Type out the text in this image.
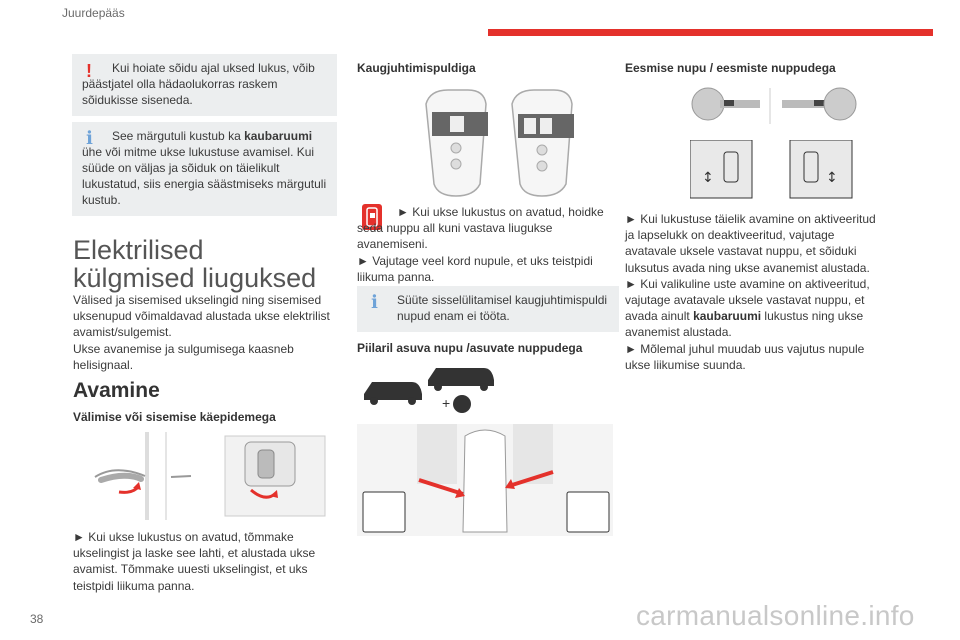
Juurdepääs
!	Kui hoiate sõidu ajal uksed lukus, võib
päästjatel olla hädaolukorras raskem sõidukisse siseneda.
ℹ	See märgutuli kustub ka kaubaruumi
ühe või mitme ukse lukustuse avamisel. Kui süüde on väljas ja sõiduk on täielikult lukustatud, siis energia säästmiseks märgutuli kustub.
Elektrilised külgmised liuguksed
Välised ja sisemised ukselingid ning sisemised uksenupud võimaldavad alustada ukse elektrilist avamist/sulgemist.
Ukse avanemise ja sulgumisega kaasneb helisignaal.
Avamine
Välimise või sisemise käepidemega
► Kui ukse lukustus on avatud, tõmmake ukselingist ja laske see lahti, et alustada ukse avamist. Tõmmake uuesti ukselingist, et uks teistpidi liikuma panna.
Kaugjuhtimispuldiga
► Kui ukse lukustus on avatud, hoidke seda nuppu all kuni vastava liugukse avanemiseni.
► Vajutage veel kord nupule, et uks teistpidi liikuma panna.
ℹ	Süüte sisselülitamisel kaugjuhtimispuldi
nupud enam ei tööta.
Piilaril asuva nupu /asuvate nuppudega
+
Eesmise nupu / eesmiste nuppudega
↕	↕
► Kui lukustuse täielik avamine on aktiveeritud ja lapselukk on deaktiveeritud, vajutage avatavale uksele vastavat nuppu, et sõiduki luksutus avada ning ukse avanemist alustada.
► Kui valikuline uste avamine on aktiveeritud, vajutage avatavale uksele vastavat nuppu, et avada ainult kaubaruumi lukustus ning ukse avanemist alustada.
► Mõlemal juhul muudab uus vajutus nupule ukse liikumise suunda.
38	carmanualsonline.info
